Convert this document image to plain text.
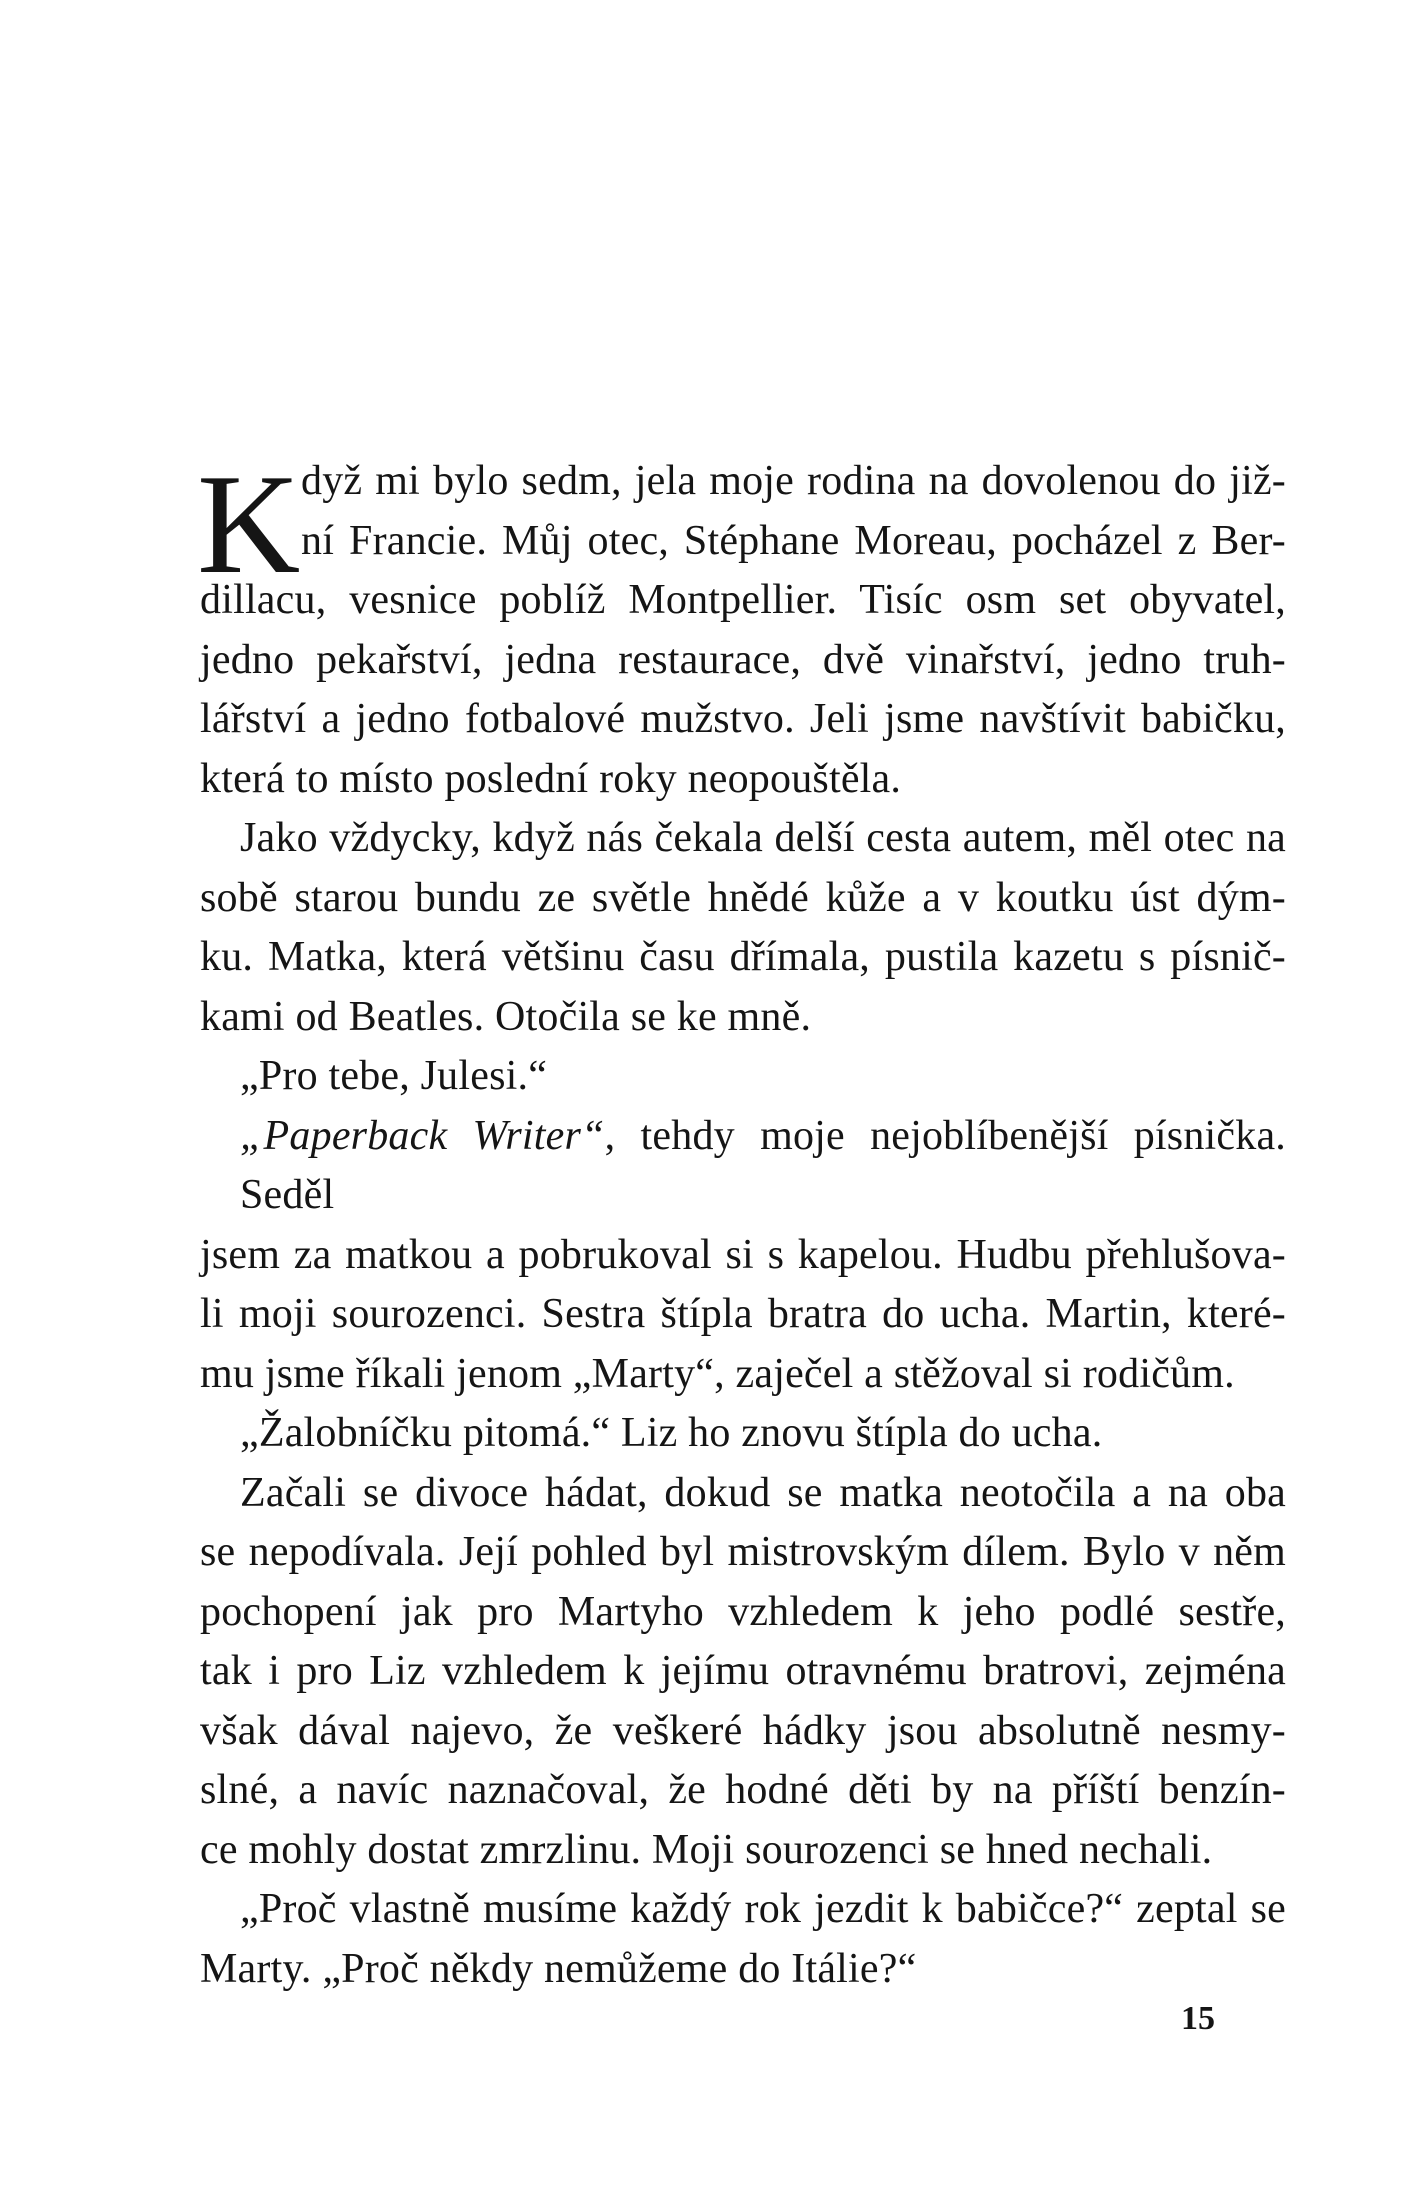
K dyž mi bylo sedm, jela moje rodina na dovolenou do již-
ní Francie. Můj otec, Stéphane Moreau, pocházel z Ber-
dillacu, vesnice poblíž Montpellier. Tisíc osm set obyvatel,
jedno pekařství, jedna restaurace, dvě vinařství, jedno truh-
lářství a jedno fotbalové mužstvo. Jeli jsme navštívit babičku,
která to místo poslední roky neopouštěla.
Jako vždycky, když nás čekala delší cesta autem, měl otec na
sobě starou bundu ze světle hnědé kůže a v koutku úst dým-
ku. Matka, která většinu času dřímala, pustila kazetu s písnič-
kami od Beatles. Otočila se ke mně.
„Pro tebe, Julesi.“
„Paperback Writer“, tehdy moje nejoblíbenější písnička. Seděl
jsem za matkou a pobrukoval si s kapelou. Hudbu přehlušova-
li moji sourozenci. Sestra štípla bratra do ucha. Martin, které-
mu jsme říkali jenom „Marty“, zaječel a stěžoval si rodičům.
„Žalobníčku pitomá.“ Liz ho znovu štípla do ucha.
Začali se divoce hádat, dokud se matka neotočila a na oba
se nepodívala. Její pohled byl mistrovským dílem. Bylo v něm
pochopení jak pro Martyho vzhledem k jeho podlé sestře,
tak i pro Liz vzhledem k jejímu otravnému bratrovi, zejména
však dával najevo, že veškeré hádky jsou absolutně nesmy-
slné, a navíc naznačoval, že hodné děti by na příští benzín-
ce mohly dostat zmrzlinu. Moji sourozenci se hned nechali.
„Proč vlastně musíme každý rok jezdit k babičce?“ zeptal se
Marty. „Proč někdy nemůžeme do Itálie?“
15
